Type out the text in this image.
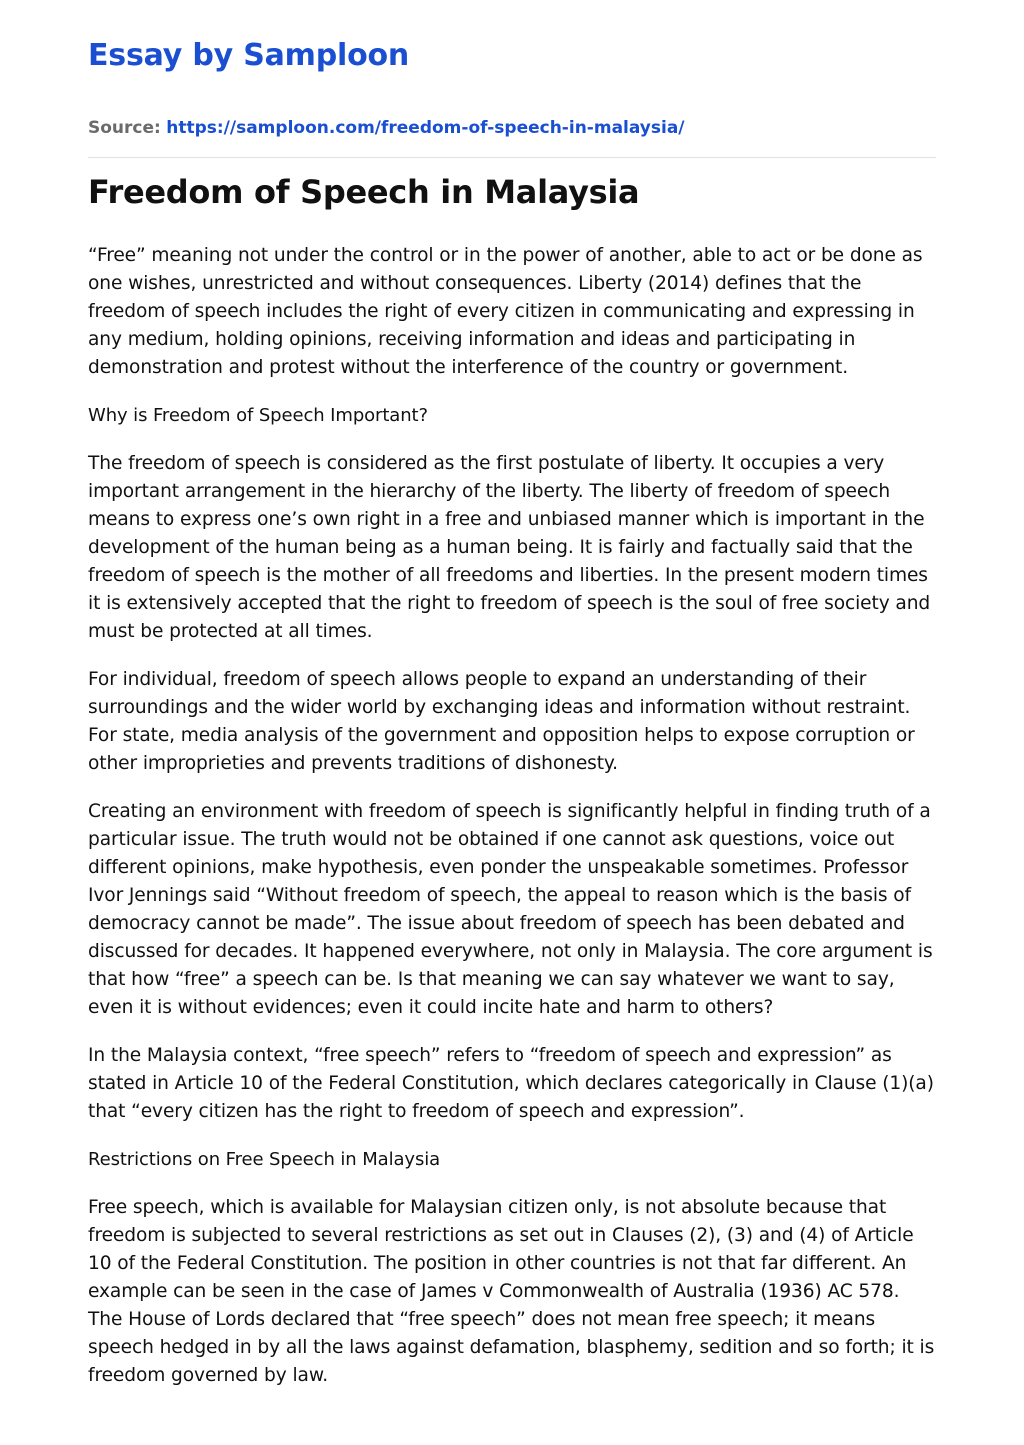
Essay by Samploon
Source: https://samploon.com/freedom-of-speech-in-malaysia/
Freedom of Speech in Malaysia

“Free” meaning not under the control or in the power of another, able to act or be done as one wishes, unrestricted and without consequences. Liberty (2014) defines that the freedom of speech includes the right of every citizen in communicating and expressing in any medium, holding opinions, receiving information and ideas and participating in demonstration and protest without the interference of the country or government.

Why is Freedom of Speech Important?

The freedom of speech is considered as the first postulate of liberty. It occupies a very important arrangement in the hierarchy of the liberty. The liberty of freedom of speech means to express one’s own right in a free and unbiased manner which is important in the development of the human being as a human being. It is fairly and factually said that the freedom of speech is the mother of all freedoms and liberties. In the present modern times it is extensively accepted that the right to freedom of speech is the soul of free society and must be protected at all times.

For individual, freedom of speech allows people to expand an understanding of their surroundings and the wider world by exchanging ideas and information without restraint. For state, media analysis of the government and opposition helps to expose corruption or other improprieties and prevents traditions of dishonesty.

Creating an environment with freedom of speech is significantly helpful in finding truth of a particular issue. The truth would not be obtained if one cannot ask questions, voice out different opinions, make hypothesis, even ponder the unspeakable sometimes. Professor Ivor Jennings said “Without freedom of speech, the appeal to reason which is the basis of democracy cannot be made”. The issue about freedom of speech has been debated and discussed for decades. It happened everywhere, not only in Malaysia. The core argument is that how “free” a speech can be. Is that meaning we can say whatever we want to say, even it is without evidences; even it could incite hate and harm to others?

In the Malaysia context, “free speech” refers to “freedom of speech and expression” as stated in Article 10 of the Federal Constitution, which declares categorically in Clause (1)(a) that “every citizen has the right to freedom of speech and expression”.

Restrictions on Free Speech in Malaysia

Free speech, which is available for Malaysian citizen only, is not absolute because that freedom is subjected to several restrictions as set out in Clauses (2), (3) and (4) of Article 10 of the Federal Constitution. The position in other countries is not that far different. An example can be seen in the case of James v Commonwealth of Australia (1936) AC 578. The House of Lords declared that “free speech” does not mean free speech; it means speech hedged in by all the laws against defamation, blasphemy, sedition and so forth; it is freedom governed by law.
